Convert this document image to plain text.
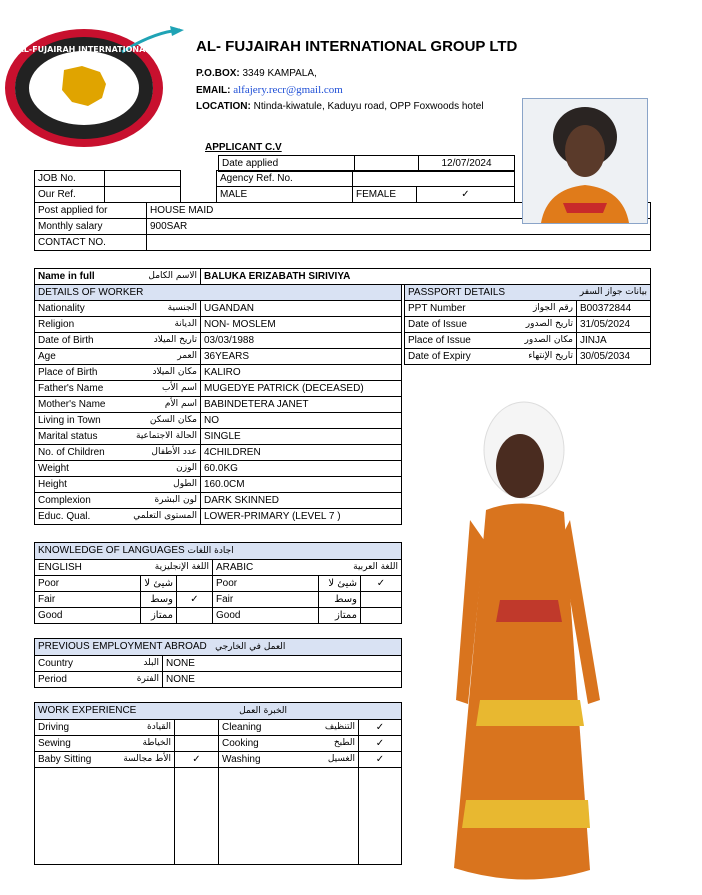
AL-FUJAIRAH INTERNATIONAL	AL- FUJAIRAH INTERNATIONAL GROUP LTD
P.O.BOX: 3349 KAMPALA,
EMAIL: alfajery.recr@gmail.com
LOCATION: Ntinda-kiwatule, Kaduyu road, OPP Foxwoods hotel
APPLICANT C.V
Date applied		12/07/2024
JOB No.			Agency Ref. No.		
Our Ref.			MALE	FEMALE	✓
Post applied for	HOUSE MAID
Monthly salary	900SAR
CONTACT NO.	
Name in full	الاسم الكامل	BALUKA ERIZABATH SIRIVIYA
DETAILS OF WORKER	

Nationality الجنسية	UGANDAN

Religion الديانة	NON- MOSLEM

Date of Birth تاريخ الميلاد	03/03/1988

Age العمر	36YEARS

Place of Birth مكان الميلاد	KALIRO

Father's Name اسم الأب	MUGEDYE PATRICK (DECEASED)

Mother's Name اسم الأم	BABINDETERA JANET

Living in Town مكان السكن	NO

Marital status الحالة الاجتماعية	SINGLE

No. of Children عدد الأطفال	4CHILDREN

Weight الوزن	60.0KG

Height الطول	160.0CM

Complexion لون البشرة	DARK SKINNED

Educ. Qual. المستوى التعلمي	LOWER-PRIMARY (LEVEL 7 )
PASSPORT DETAILS بيانات جواز السفر	

PPT Number رقم الجواز	B00372844

Date of Issue تاريخ الصدور	31/05/2024

Place of Issue مكان الصدور	JINJA

Date of Expiry تاريخ الإنتهاء	30/05/2034
KNOWLEDGE OF LANGUAGES اجادة اللغات					

ENGLISH اللغة الإنجليزية			ARABIC اللغة العربية		

Poor	شيئ لا		Poor	شيئ لا	✓
Fair	وسط	✓	Fair	وسط	
Good	ممتاز		Good	ممتاز	
PREVIOUS EMPLOYMENT ABROAD العمل في الخارجي	

Country البلد	NONE

Period الفترة	NONE
WORK EXPERIENCE الخبرة العمل			

Driving القيادة		Cleaning التنظيف	✓

Sewing الخياطة		Cooking الطبخ	✓

Baby Sitting الأط مجالسة	✓	Washing الغسيل	✓
